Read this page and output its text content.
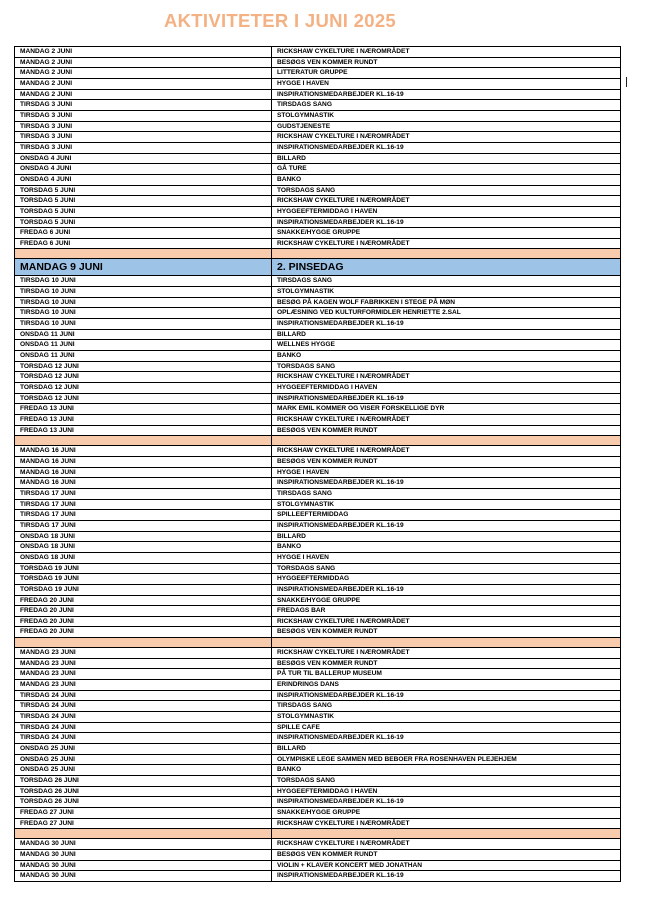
AKTIVITETER I JUNI 2025
MANDAG 2 JUNI	RICKSHAW CYKELTURE I NÆROMRÅDET
MANDAG 2 JUNI	BESØGS VEN KOMMER RUNDT
MANDAG 2 JUNI	LITTERATUR GRUPPE
MANDAG 2 JUNI	HYGGE I HAVEN
MANDAG 2 JUNI	INSPIRATIONSMEDARBEJDER KL.16-19
TIRSDAG 3 JUNI	TIRSDAGS SANG
TIRSDAG 3 JUNI	STOLGYMNASTIK
TIRSDAG 3 JUNI	GUDSTJENESTE
TIRSDAG 3 JUNI	RICKSHAW CYKELTURE I NÆROMRÅDET
TIRSDAG 3 JUNI	INSPIRATIONSMEDARBEJDER KL.16-19
ONSDAG 4 JUNI	BILLARD
ONSDAG 4 JUNI	GÅ TURE
ONSDAG 4 JUNI	BANKO
TORSDAG 5 JUNI	TORSDAGS SANG
TORSDAG 5 JUNI	RICKSHAW CYKELTURE I NÆROMRÅDET
TORSDAG 5 JUNI	HYGGEEFTERMIDDAG I HAVEN
TORSDAG 5 JUNI	INSPIRATIONSMEDARBEJDER KL.16-19
FREDAG 6 JUNI	SNAKKE/HYGGE GRUPPE
FREDAG 6 JUNI	RICKSHAW CYKELTURE I NÆROMRÅDET

MANDAG 9 JUNI	2. PINSEDAG
TIRSDAG 10 JUNI	TIRSDAGS SANG
TIRSDAG 10 JUNI	STOLGYMNASTIK
TIRSDAG 10 JUNI	BESØG PÅ KAGEN WOLF FABRIKKEN I STEGE PÅ MØN
TIRSDAG 10 JUNI	OPLÆSNING VED KULTURFORMIDLER HENRIETTE 2.SAL
TIRSDAG 10 JUNI	INSPIRATIONSMEDARBEJDER KL.16-19
ONSDAG 11 JUNI	BILLARD
ONSDAG 11 JUNI	WELLNES HYGGE
ONSDAG 11 JUNI	BANKO
TORSDAG 12 JUNI	TORSDAGS SANG
TORSDAG 12 JUNI	RICKSHAW CYKELTURE I NÆROMRÅDET
TORSDAG 12 JUNI	HYGGEEFTERMIDDAG I HAVEN
TORSDAG 12 JUNI	INSPIRATIONSMEDARBEJDER KL.16-19
FREDAG 13 JUNI	MARK EMIL KOMMER OG VISER FORSKELLIGE DYR
FREDAG 13 JUNI	RICKSHAW CYKELTURE I NÆROMRÅDET
FREDAG 13 JUNI	BESØGS VEN KOMMER RUNDT

MANDAG 16 JUNI	RICKSHAW CYKELTURE I NÆROMRÅDET
MANDAG 16 JUNI	BESØGS VEN KOMMER RUNDT
MANDAG 16 JUNI	HYGGE I HAVEN
MANDAG 16 JUNI	INSPIRATIONSMEDARBEJDER KL.16-19
TIRSDAG 17 JUNI	TIRSDAGS SANG
TIRSDAG 17 JUNI	STOLGYMNASTIK
TIRSDAG 17 JUNI	SPILLEEFTERMIDDAG
TIRSDAG 17 JUNI	INSPIRATIONSMEDARBEJDER KL.16-19
ONSDAG 18 JUNI	BILLARD
ONSDAG 18 JUNI	BANKO
ONSDAG 18 JUNI	HYGGE I HAVEN
TORSDAG 19 JUNI	TORSDAGS SANG
TORSDAG 19 JUNI	HYGGEEFTERMIDDAG
TORSDAG 19 JUNI	INSPIRATIONSMEDARBEJDER KL.16-19
FREDAG 20 JUNI	SNAKKE/HYGGE GRUPPE
FREDAG 20 JUNI	FREDAGS BAR
FREDAG 20 JUNI	RICKSHAW CYKELTURE I NÆROMRÅDET
FREDAG 20 JUNI	BESØGS VEN KOMMER RUNDT

MANDAG 23 JUNI	RICKSHAW CYKELTURE I NÆROMRÅDET
MANDAG 23 JUNI	BESØGS VEN KOMMER RUNDT
MANDAG 23 JUNI	PÅ TUR TIL BALLERUP MUSEUM
MANDAG 23 JUNI	ERINDRINGS DANS
TIRSDAG 24 JUNI	INSPIRATIONSMEDARBEJDER KL.16-19
TIRSDAG 24 JUNI	TIRSDAGS SANG
TIRSDAG 24 JUNI	STOLGYMNASTIK
TIRSDAG 24 JUNI	SPILLE CAFE
TIRSDAG 24 JUNI	INSPIRATIONSMEDARBEJDER KL.16-19
ONSDAG 25 JUNI	BILLARD
ONSDAG 25 JUNI	OLYMPISKE LEGE SAMMEN MED BEBOER FRA ROSENHAVEN PLEJEHJEM
ONSDAG 25 JUNI	BANKO
TORSDAG 26 JUNI	TORSDAGS SANG
TORSDAG 26 JUNI	HYGGEEFTERMIDDAG I HAVEN
TORSDAG 26 JUNI	INSPIRATIONSMEDARBEJDER KL.16-19
FREDAG 27 JUNI	SNAKKE/HYGGE GRUPPE
FREDAG 27 JUNI	RICKSHAW CYKELTURE I NÆROMRÅDET

MANDAG 30 JUNI	RICKSHAW CYKELTURE I NÆROMRÅDET
MANDAG 30 JUNI	BESØGS VEN KOMMER RUNDT
MANDAG 30 JUNI	VIOLIN + KLAVER KONCERT MED JONATHAN
MANDAG 30 JUNI	INSPIRATIONSMEDARBEJDER KL.16-19
